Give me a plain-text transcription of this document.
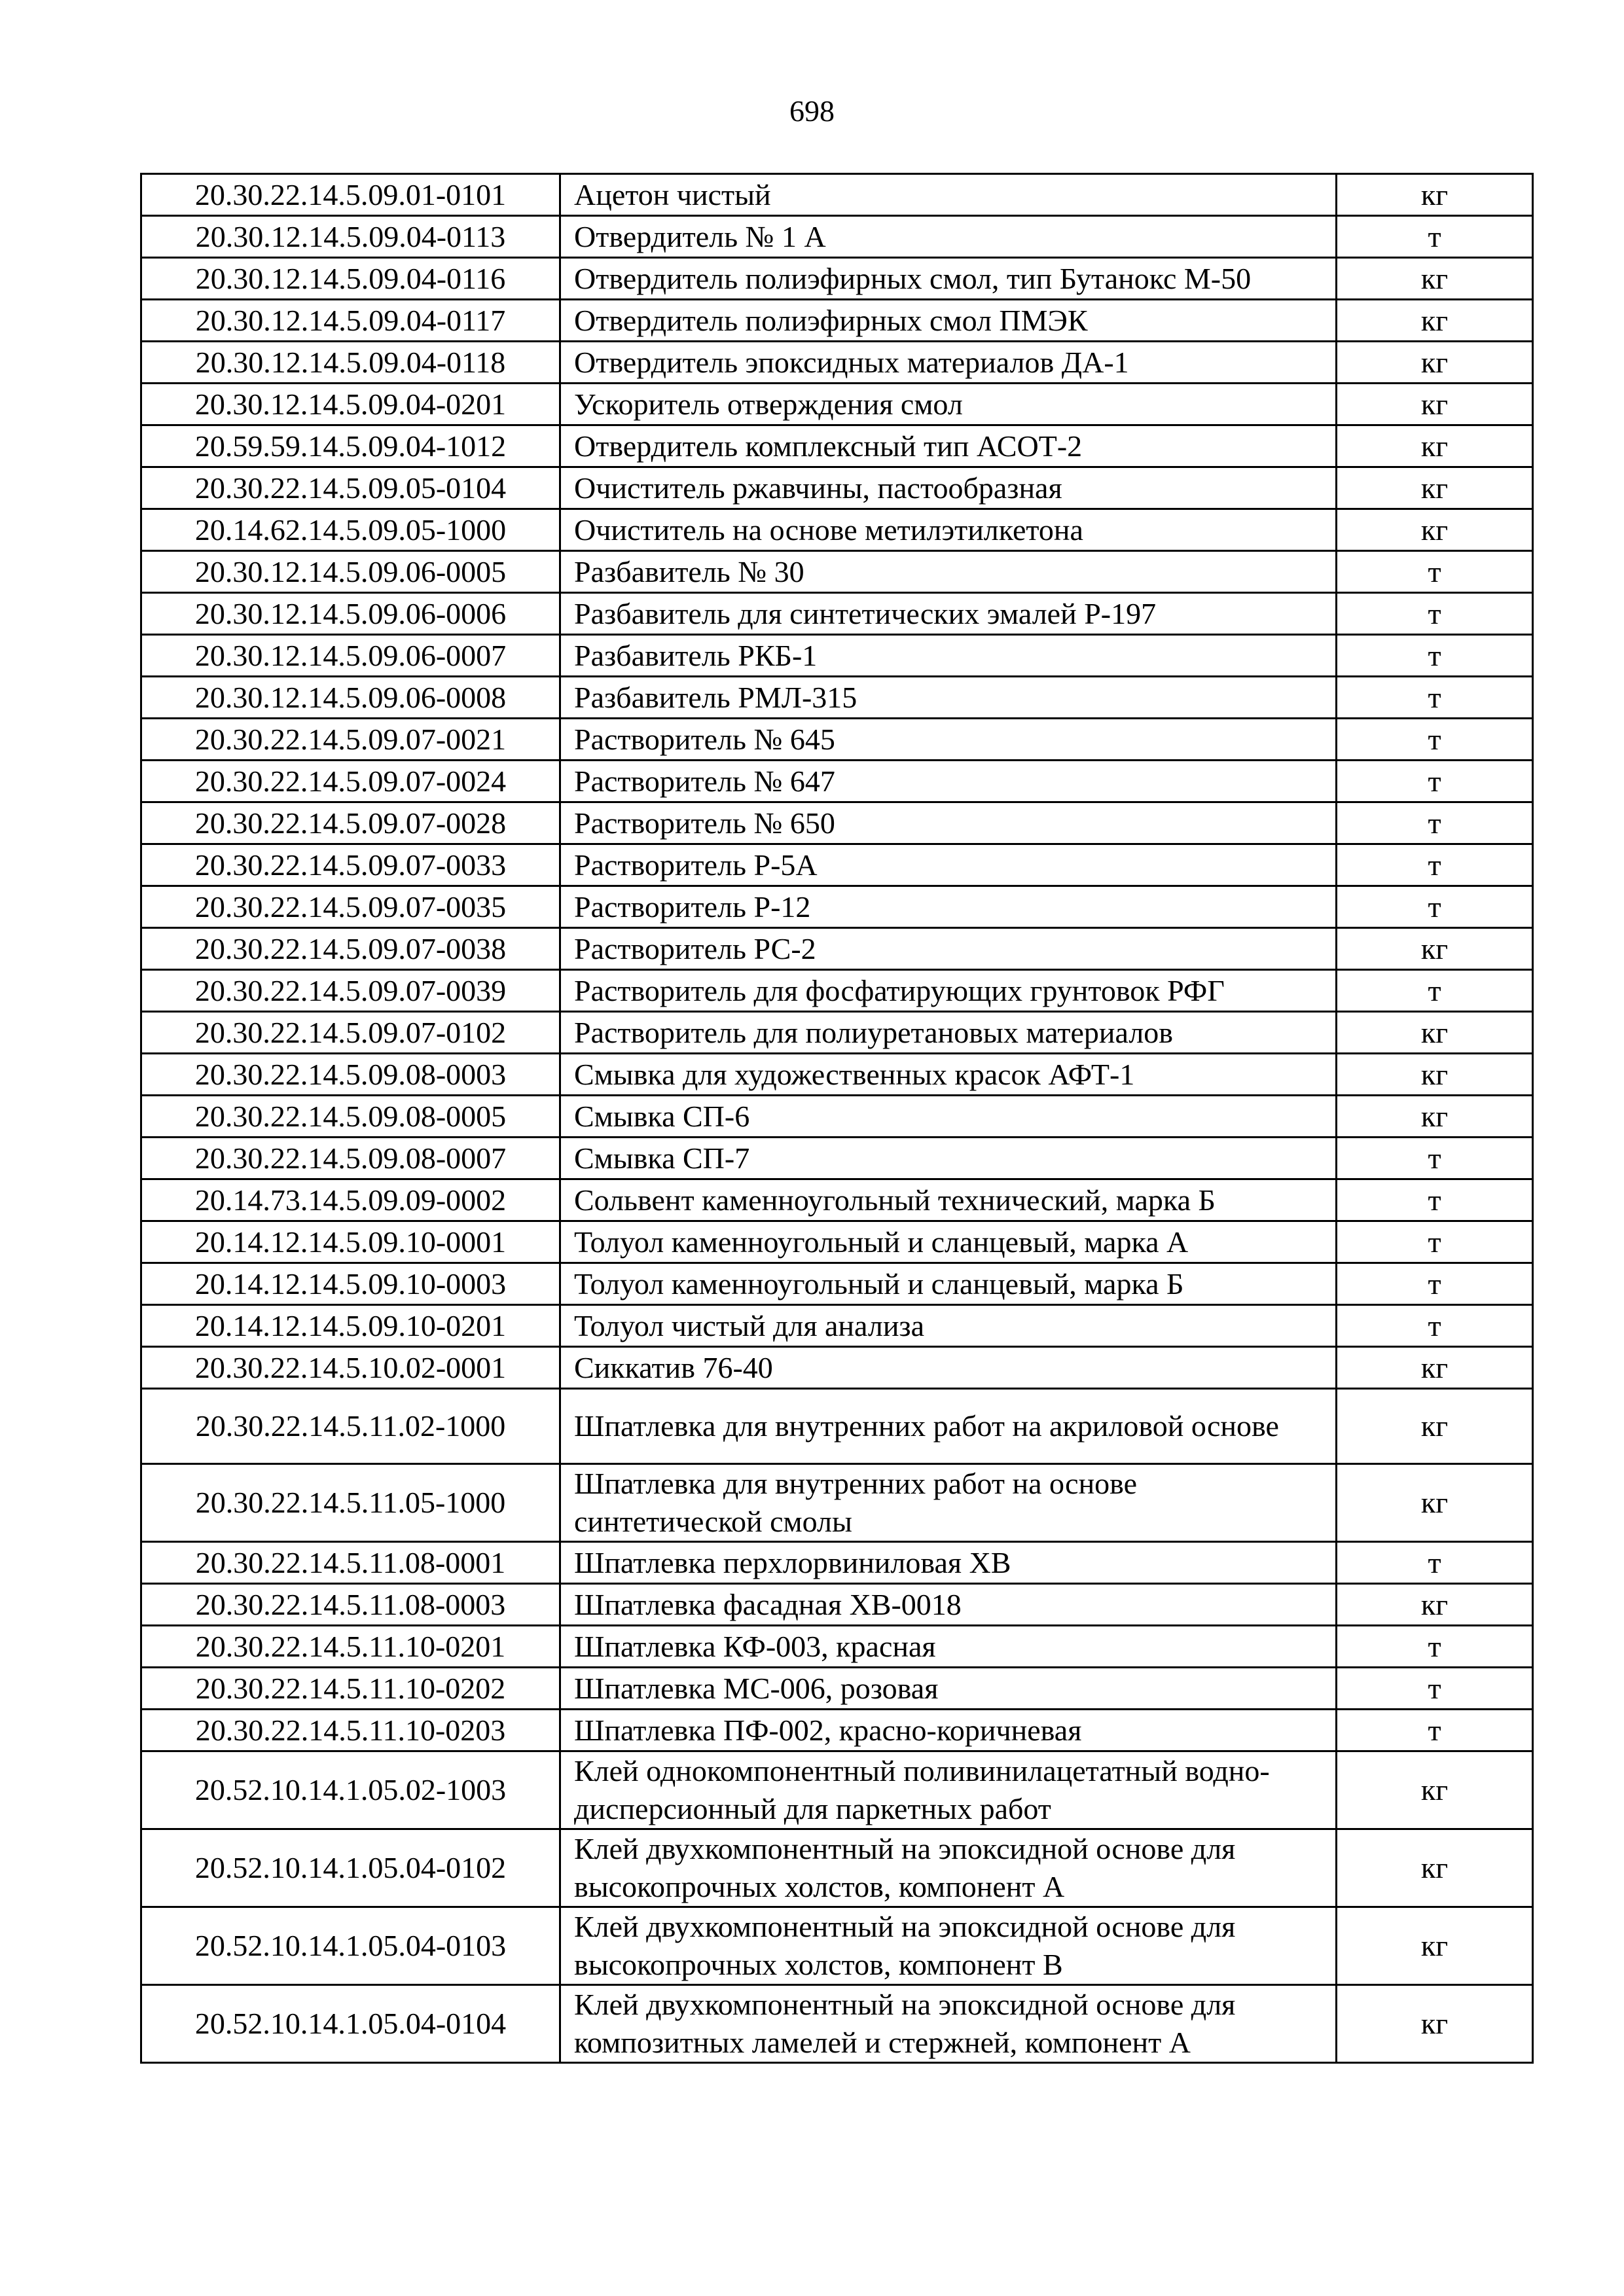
698
20.30.22.14.5.09.01-0101	Ацетон чистый	кг
20.30.12.14.5.09.04-0113	Отвердитель № 1 А	т
20.30.12.14.5.09.04-0116	Отвердитель полиэфирных смол, тип Бутанокс М-50	кг
20.30.12.14.5.09.04-0117	Отвердитель полиэфирных смол ПМЭК	кг
20.30.12.14.5.09.04-0118	Отвердитель эпоксидных материалов ДА-1	кг
20.30.12.14.5.09.04-0201	Ускоритель отверждения смол	кг
20.59.59.14.5.09.04-1012	Отвердитель комплексный тип АСОТ-2	кг
20.30.22.14.5.09.05-0104	Очиститель ржавчины, пастообразная	кг
20.14.62.14.5.09.05-1000	Очиститель на основе метилэтилкетона	кг
20.30.12.14.5.09.06-0005	Разбавитель № 30	т
20.30.12.14.5.09.06-0006	Разбавитель для синтетических эмалей Р-197	т
20.30.12.14.5.09.06-0007	Разбавитель РКБ-1	т
20.30.12.14.5.09.06-0008	Разбавитель РМЛ-315	т
20.30.22.14.5.09.07-0021	Растворитель № 645	т
20.30.22.14.5.09.07-0024	Растворитель № 647	т
20.30.22.14.5.09.07-0028	Растворитель № 650	т
20.30.22.14.5.09.07-0033	Растворитель Р-5А	т
20.30.22.14.5.09.07-0035	Растворитель Р-12	т
20.30.22.14.5.09.07-0038	Растворитель РС-2	кг
20.30.22.14.5.09.07-0039	Растворитель для фосфатирующих грунтовок РФГ	т
20.30.22.14.5.09.07-0102	Растворитель для полиуретановых материалов	кг
20.30.22.14.5.09.08-0003	Смывка для художественных красок АФТ-1	кг
20.30.22.14.5.09.08-0005	Смывка СП-6	кг
20.30.22.14.5.09.08-0007	Смывка СП-7	т
20.14.73.14.5.09.09-0002	Сольвент каменноугольный технический, марка Б	т
20.14.12.14.5.09.10-0001	Толуол каменноугольный и сланцевый, марка А	т
20.14.12.14.5.09.10-0003	Толуол каменноугольный и сланцевый, марка Б	т
20.14.12.14.5.09.10-0201	Толуол чистый для анализа	т
20.30.22.14.5.10.02-0001	Сиккатив 76-40	кг
20.30.22.14.5.11.02-1000	Шпатлевка для внутренних работ на акриловой основе	кг
20.30.22.14.5.11.05-1000	Шпатлевка для внутренних работ на основе синтетической смолы	кг
20.30.22.14.5.11.08-0001	Шпатлевка перхлорвиниловая ХВ	т
20.30.22.14.5.11.08-0003	Шпатлевка фасадная ХВ-0018	кг
20.30.22.14.5.11.10-0201	Шпатлевка КФ-003, красная	т
20.30.22.14.5.11.10-0202	Шпатлевка МС-006, розовая	т
20.30.22.14.5.11.10-0203	Шпатлевка ПФ-002, красно-коричневая	т
20.52.10.14.1.05.02-1003	Клей однокомпонентный поливинилацетатный водно-дисперсионный для паркетных работ	кг
20.52.10.14.1.05.04-0102	Клей двухкомпонентный на эпоксидной основе для высокопрочных холстов, компонент А	кг
20.52.10.14.1.05.04-0103	Клей двухкомпонентный на эпоксидной основе для высокопрочных холстов, компонент В	кг
20.52.10.14.1.05.04-0104	Клей двухкомпонентный на эпоксидной основе для композитных ламелей и стержней, компонент А	кг
